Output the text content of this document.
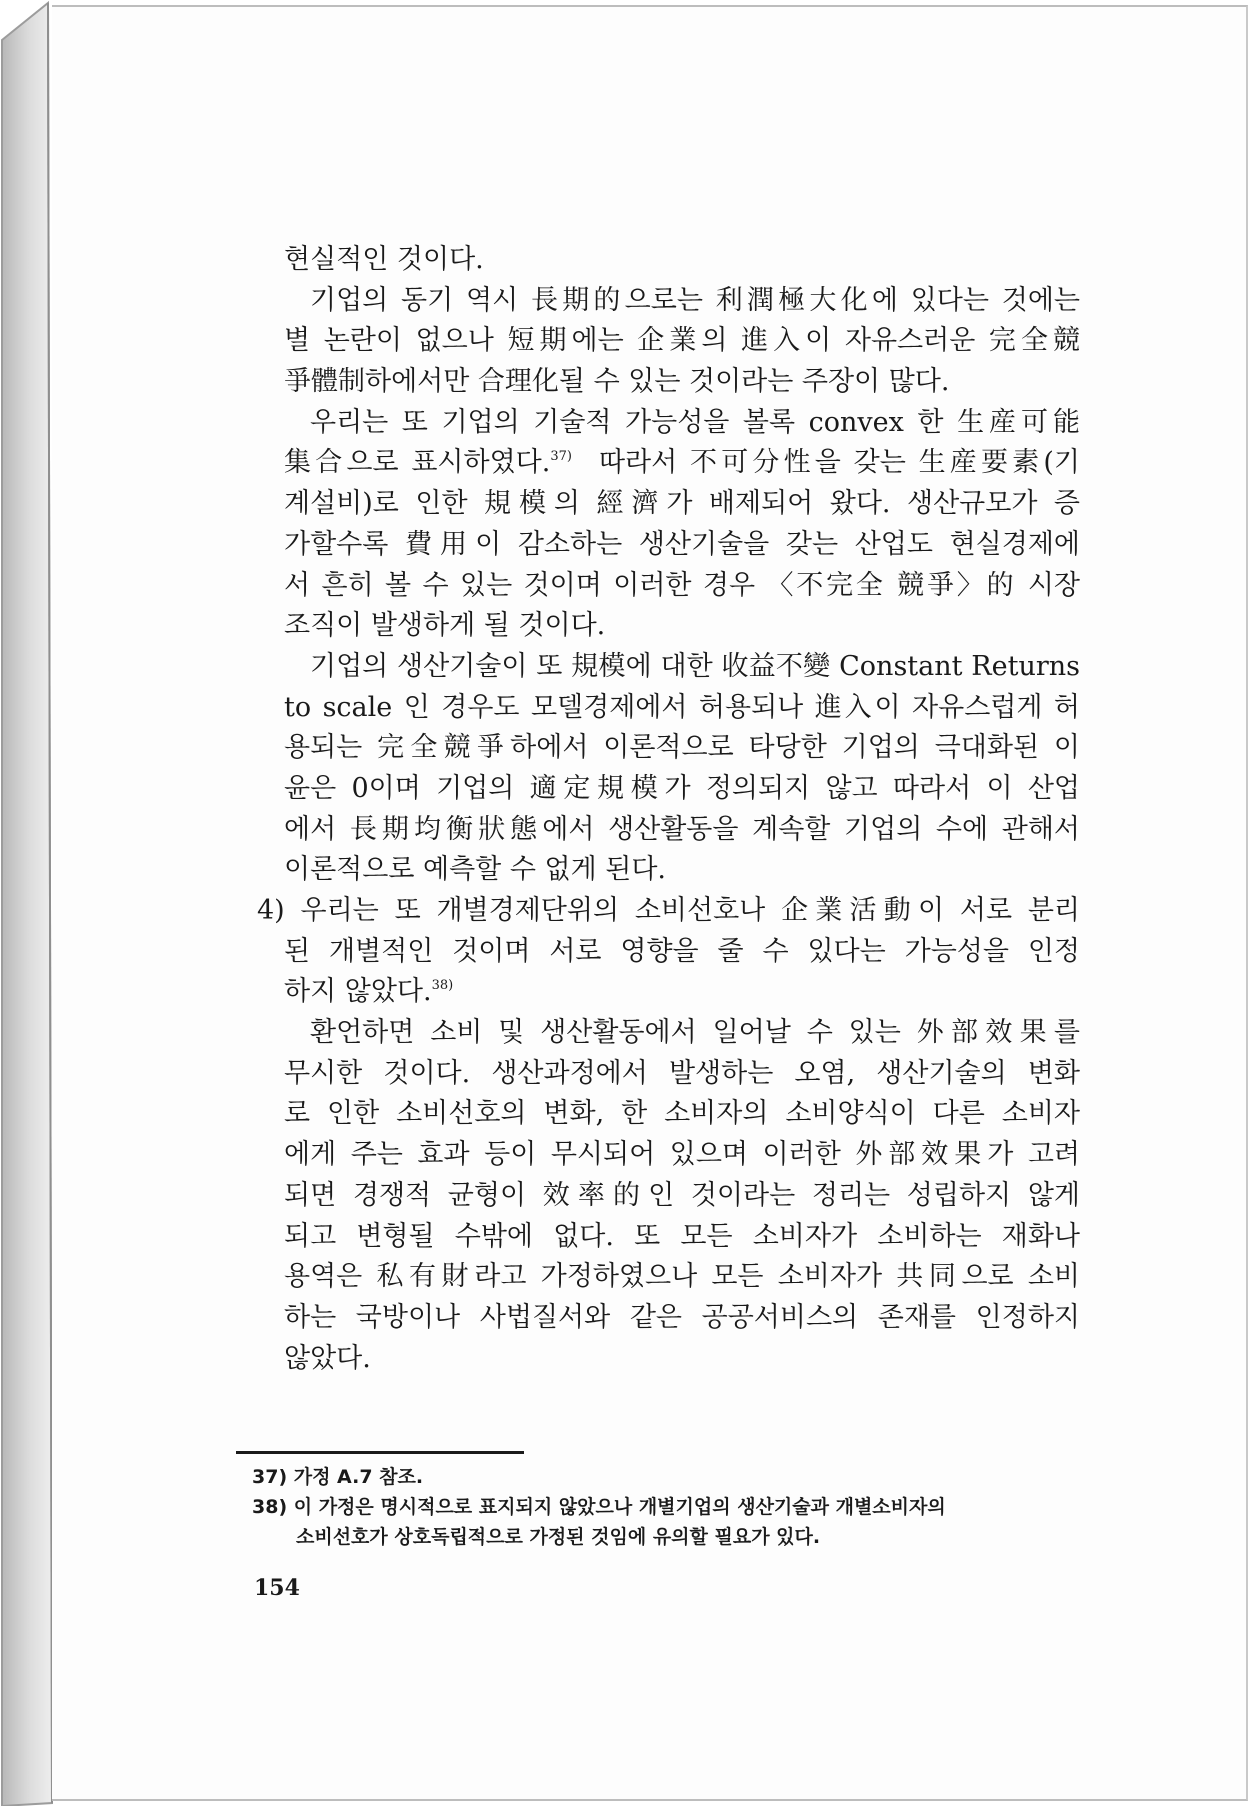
현실적인 것이다.
기업의 동기 역시 長期的으로는 利潤極大化에 있다는 것에는
별 논란이 없으나 短期에는 企業의 進入이 자유스러운 完全競
爭體制하에서만 合理化될 수 있는 것이라는 주장이 많다.
우리는 또 기업의 기술적 가능성을 볼록 convex 한 生産可能
集合으로 표시하였다.$^{37)}$  따라서 不可分性을 갖는 生産要素(기
계설비)로 인한 規模의 經濟가 배제되어 왔다. 생산규모가 증
가할수록 費用이 감소하는 생산기술을 갖는 산업도 현실경제에
서 흔히 볼 수 있는 것이며 이러한 경우 〈不完全 競爭〉的 시장
조직이 발생하게 될 것이다.
기업의 생산기술이 또 規模에 대한 收益不變 Constant Returns
to scale 인 경우도 모델경제에서 허용되나 進入이 자유스럽게 허
용되는 完全競爭하에서 이론적으로 타당한 기업의 극대화된 이
윤은 0이며 기업의 適定規模가 정의되지 않고 따라서 이 산업
에서 長期均衡狀態에서 생산활동을 계속할 기업의 수에 관해서
이론적으로 예측할 수 없게 된다.
4) 우리는 또 개별경제단위의 소비선호나 企業活動이 서로 분리
된 개별적인 것이며 서로 영향을 줄 수 있다는 가능성을 인정
하지 않았다.$^{38)}$
환언하면 소비 및 생산활동에서 일어날 수 있는 外部效果를
무시한 것이다. 생산과정에서 발생하는 오염, 생산기술의 변화
로 인한 소비선호의 변화, 한 소비자의 소비양식이 다른 소비자
에게 주는 효과 등이 무시되어 있으며 이러한 外部效果가 고려
되면 경쟁적 균형이 效率的인 것이라는 정리는 성립하지 않게
되고 변형될 수밖에 없다. 또 모든 소비자가 소비하는 재화나
용역은 私有財라고 가정하였으나 모든 소비자가 共同으로 소비
하는 국방이나 사법질서와 같은 공공서비스의 존재를 인정하지
않았다.
37) 가정 A.7 참조.
38) 이 가정은 명시적으로 표지되지 않았으나 개별기업의 생산기술과 개별소비자의
소비선호가 상호독립적으로 가정된 것임에 유의할 필요가 있다.
154
